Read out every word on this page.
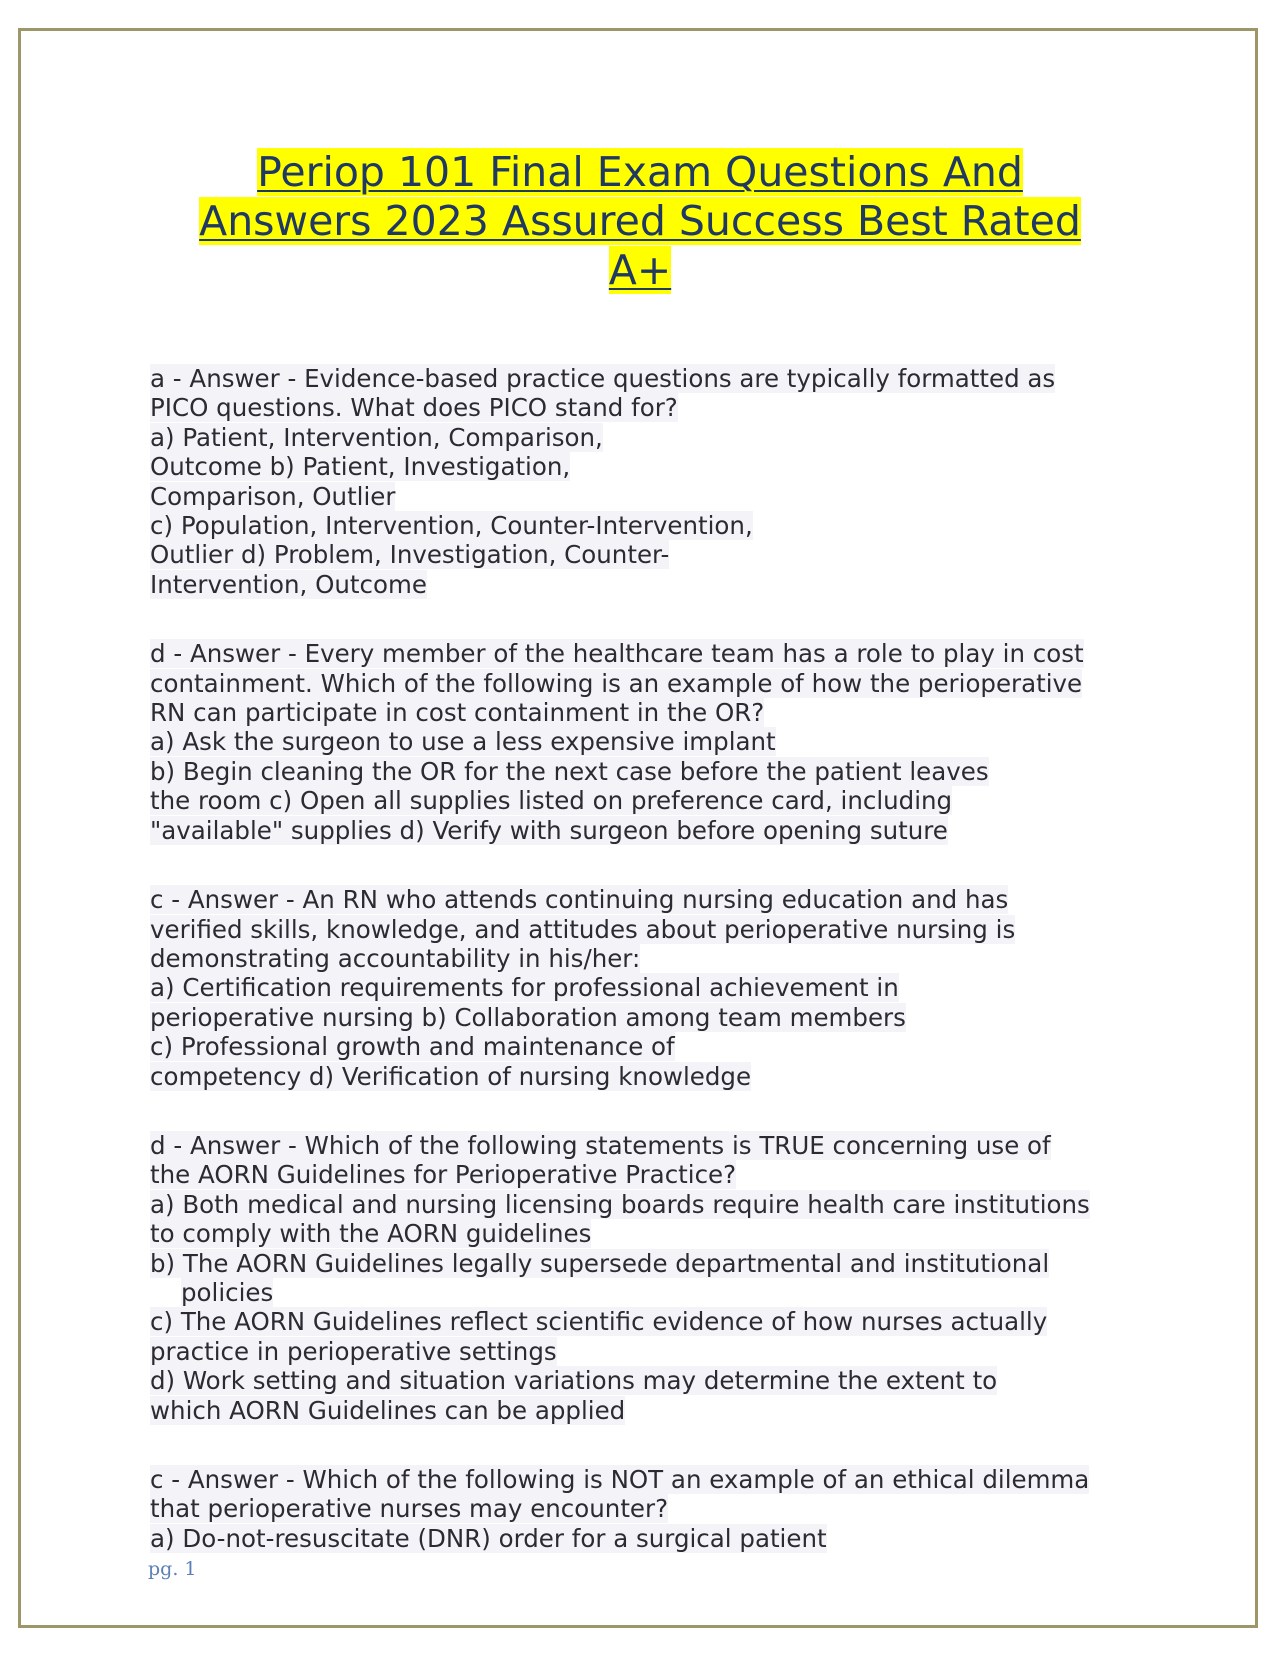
Periop 101 Final Exam Questions And
Answers 2023 Assured Success Best Rated
A+
a - Answer - Evidence-based practice questions are typically formatted as
PICO questions. What does PICO stand for?
a) Patient, Intervention, Comparison,
Outcome b) Patient, Investigation,
Comparison, Outlier
c) Population, Intervention, Counter-Intervention,
Outlier d) Problem, Investigation, Counter-
Intervention, Outcome
d - Answer - Every member of the healthcare team has a role to play in cost
containment. Which of the following is an example of how the perioperative
RN can participate in cost containment in the OR?
a) Ask the surgeon to use a less expensive implant
b) Begin cleaning the OR for the next case before the patient leaves
the room c) Open all supplies listed on preference card, including
"available" supplies d) Verify with surgeon before opening suture
c - Answer - An RN who attends continuing nursing education and has
verified skills, knowledge, and attitudes about perioperative nursing is
demonstrating accountability in his/her:
a) Certification requirements for professional achievement in
perioperative nursing b) Collaboration among team members
c) Professional growth and maintenance of
competency d) Verification of nursing knowledge
d - Answer - Which of the following statements is TRUE concerning use of
the AORN Guidelines for Perioperative Practice?
a) Both medical and nursing licensing boards require health care institutions
to comply with the AORN guidelines
b) The AORN Guidelines legally supersede departmental and institutional
policies
c) The AORN Guidelines reflect scientific evidence of how nurses actually
practice in perioperative settings
d) Work setting and situation variations may determine the extent to
which AORN Guidelines can be applied
c - Answer - Which of the following is NOT an example of an ethical dilemma
that perioperative nurses may encounter?
a) Do-not-resuscitate (DNR) order for a surgical patient
pg. 1
